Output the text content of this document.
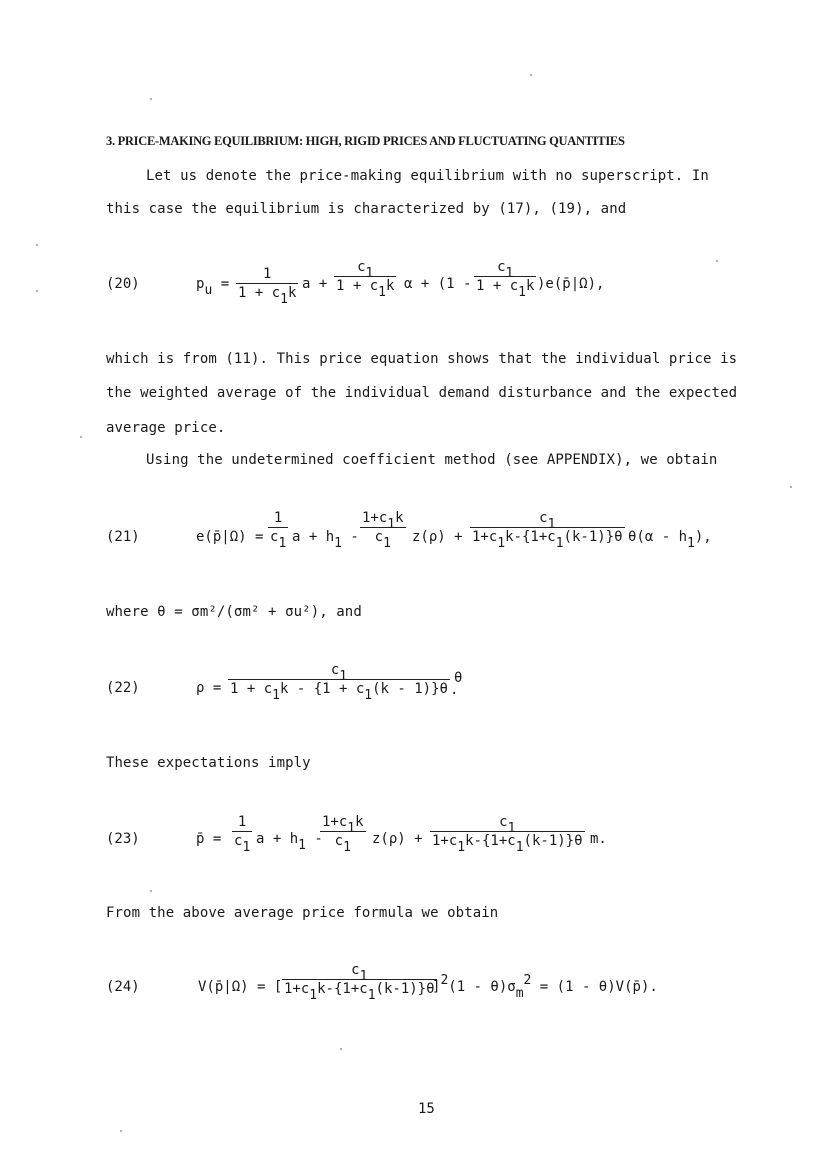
3. PRICE-MAKING EQUILIBRIUM: HIGH, RIGID PRICES AND FLUCTUATING QUANTITIES
Let us denote the price-making equilibrium with no superscript. In
this case the equilibrium is characterized by (17), (19), and
(20)	pu =
1
1 + c1k
a +
c1
1 + c1k α + (1 -
c1
1 + c1k )e(p̄|Ω),
which is from (11). This price equation shows that the individual price is
the weighted average of the individual demand disturbance and the expected
average price.
Using the undetermined coefficient method (see APPENDIX), we obtain
(21)	e(p̄|Ω) =
1
c1 a + h1 -
1+c1k
c1 z(ρ) +
c1
1+c1k-{1+c1(k-1)}θ θ(α - h1),
where θ = σm²/(σm² + σu²), and
(22)	ρ =
c1
1 + c1k - {1 + c1(k - 1)}θ
θ
.
These expectations imply
(23)	p̄ =
1
c1
a + h1 -
1+c1k
c1
z(ρ) +
c1
1+c1k-{1+c1(k-1)}θ m.
From the above average price formula we obtain
(24)	V(p̄|Ω) = [
c1
1+c1k-{1+c1(k-1)}θ
]2(1 - θ)σm2 = (1 - θ)V(p̄).
15
